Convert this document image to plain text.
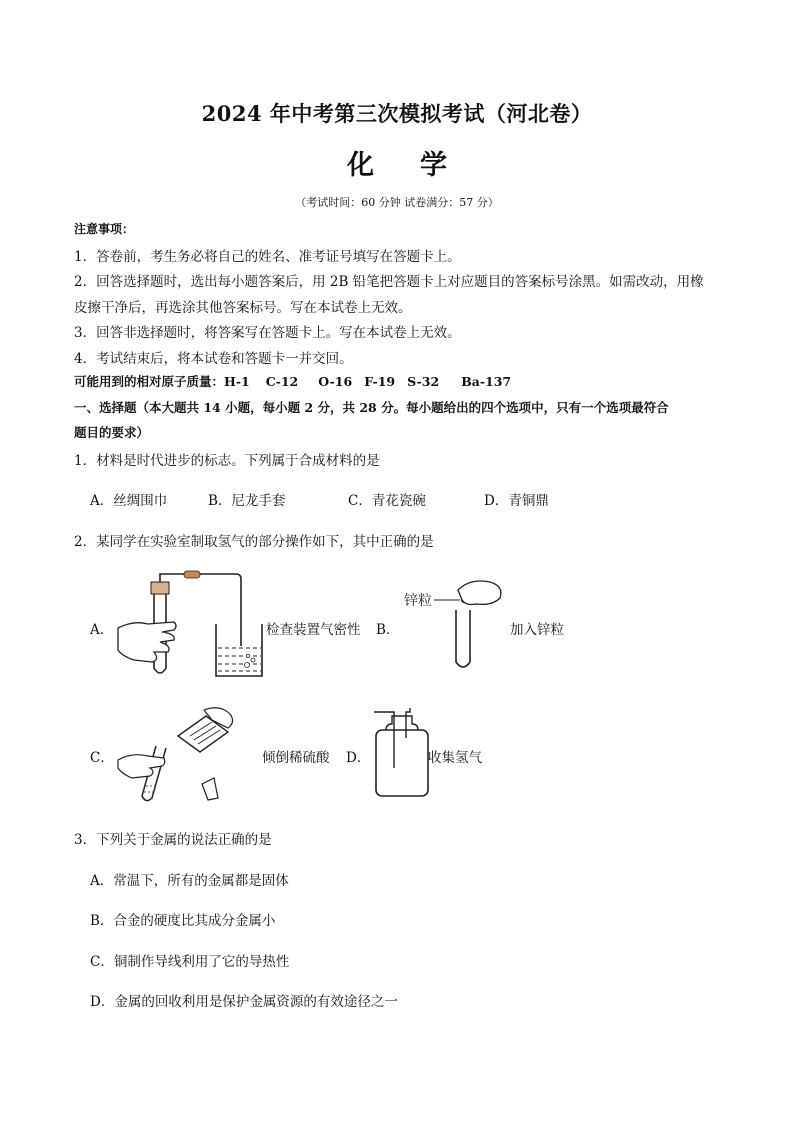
2024 年中考第三次模拟考试（河北卷）
化学
（考试时间：60 分钟 试卷满分：57 分）
注意事项：
1．答卷前，考生务必将自己的姓名、准考证号填写在答题卡上。
2．回答选择题时，选出每小题答案后，用 2B 铅笔把答题卡上对应题目的答案标号涂黑。如需改动，用橡
皮擦干净后，再选涂其他答案标号。写在本试卷上无效。
3．回答非选择题时，将答案写在答题卡上。写在本试卷上无效。
4．考试结束后，将本试卷和答题卡一并交回。
可能用到的相对原子质量：H-1 C-12 O-16 F-19 S-32 Ba-137
一、选择题（本大题共 14 小题，每小题 2 分，共 28 分。每小题给出的四个选项中，只有一个选项最符合
题目的要求）
1．材料是时代进步的标志。下列属于合成材料的是
A．丝绸围巾	B．尼龙手套	C．青花瓷碗	D．青铜鼎
2．某同学在实验室制取氢气的部分操作如下，其中正确的是
A．	检查装置气密性 B．	加入锌粒
C．	倾倒稀硫酸 D．	收集氢气
锌粒
3．下列关于金属的说法正确的是
A．常温下，所有的金属都是固体
B．合金的硬度比其成分金属小
C．铜制作导线利用了它的导热性
D．金属的回收利用是保护金属资源的有效途径之一
